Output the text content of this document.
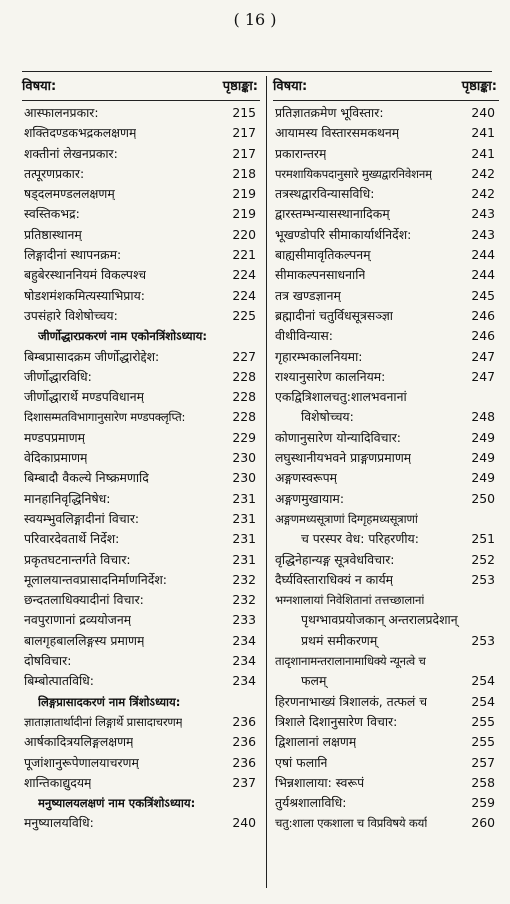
( 16 )
विषया:	पृष्ठाङ्का:
आस्फालनप्रकार:	215
शक्तिदण्डकभद्रकलक्षणम्	217
शक्तीनां लेखनप्रकार:	217
तत्पूरणप्रकार:	218
षड्दलमण्डललक्षणम्	219
स्वस्तिकभद्र:	219
प्रतिष्ठास्थानम्	220
लिङ्गादीनां स्थापनक्रम:	221
बहुबेरस्थाननियमं विकल्पश्च	224
षोडशमंशकमित्यस्याभिप्राय:	224
उपसंहारे विशेषोच्चय:	225
जीर्णोद्धारप्रकरणं नाम एकोनत्रिंशोऽध्याय:
बिम्बप्रासादक्रम जीर्णोद्धारोद्देश:	227
जीर्णोद्धारविधि:	228
जीर्णोद्धारार्थे मण्डपविधानम्	228
दिशासम्मतविभागानुसारेण मण्डपक्लृप्ति:	228
मण्डपप्रमाणम्	229
वेदिकाप्रमाणम्	230
बिम्बादौ वैकल्ये निष्क्रमणादि	230
मानहानिवृद्धिनिषेध:	231
स्वयम्भुवलिङ्गादीनां विचार:	231
परिवारदेवतार्थे निर्देश:	231
प्रकृतघटनान्तर्गते विचार:	231
मूलालयान्तवप्रासादनिर्माणनिर्देश:	232
छन्दतलाधिक्यादीनां विचार:	232
नवपुराणानां द्रव्ययोजनम्	233
बालगृहबाललिङ्गस्य प्रमाणम्	234
दोषविचार:	234
बिम्बोत्पातविधि:	234
लिङ्गप्रासादकरणं नाम त्रिंशोऽध्याय:
ज्ञाताज्ञातार्थादीनां लिङ्गार्थे प्रासादाचरणम्	236
आर्षकादित्रयलिङ्गलक्षणम्	236
पूजांशानुरूपेणालयाचरणम्	236
शान्तिकाद्युदयम्	237
मनुष्यालयलक्षणं नाम एकत्रिंशोऽध्याय:
मनुष्यालयविधि:	240
विषया:	पृष्ठाङ्का:
प्रतिज्ञातक्रमेण भूविस्तार:	240
आयामस्य विस्तारसमकथनम्	241
प्रकारान्तरम्	241
परमशायिकपदानुसारे मुख्यद्वारनिवेशनम्	242
तत्रस्थद्वारविन्यासविधि:	242
द्वारस्तम्भन्यासस्थानादिकम्	243
भूखण्डोपरि सीमाकार्यार्थनिर्देश:	243
बाह्यसीमावृतिकल्पनम्	244
सीमाकल्पनसाधनानि	244
तत्र खण्डज्ञानम्	245
ब्रह्मादीनां चतुर्विधसूत्रसञ्ज्ञा	246
वीथीविन्यास:	246
गृहारम्भकालनियमा:	247
राश्यानुसारेण कालनियम:	247
एकद्वित्रिशालचतु:शालभवनानां
विशेषोच्चय:	248
कोणानुसारेण योन्यादिविचार:	249
लघुस्थानीयभवने प्राङ्गणप्रमाणम्	249
अङ्गणस्वरूपम्	249
अङ्गणमुखायाम:	250
अङ्गणमध्यसूत्राणां दिग्गृहमध्यसूत्राणां
च परस्पर वेध: परिहरणीय:	251
वृद्धिनेहान्यङ्ग सूत्रवेधविचार:	252
दैर्घ्यविस्ताराधिक्यं न कार्यम्	253
भग्नशालायां निवेशितानां तत्तच्छालानां
पृथग्भावप्रयोजकान् अन्तरालप्रदेशान्
प्रथमं समीकरणम्	253
तादृशानामन्तरालानामाधिक्ये न्यूनत्वे च
फलम्	254
हिरणनाभाख्यं त्रिशालकं, तत्फलं च	254
त्रिशाले दिशानुसारेण विचार:	255
द्विशालानां लक्षणम्	255
एषां फलानि	257
भिन्नशालाया: स्वरूपं	258
तुर्यश्रशालाविधि:	259
चतु:शाला एकशाला च विप्रविषये कर्या	260
